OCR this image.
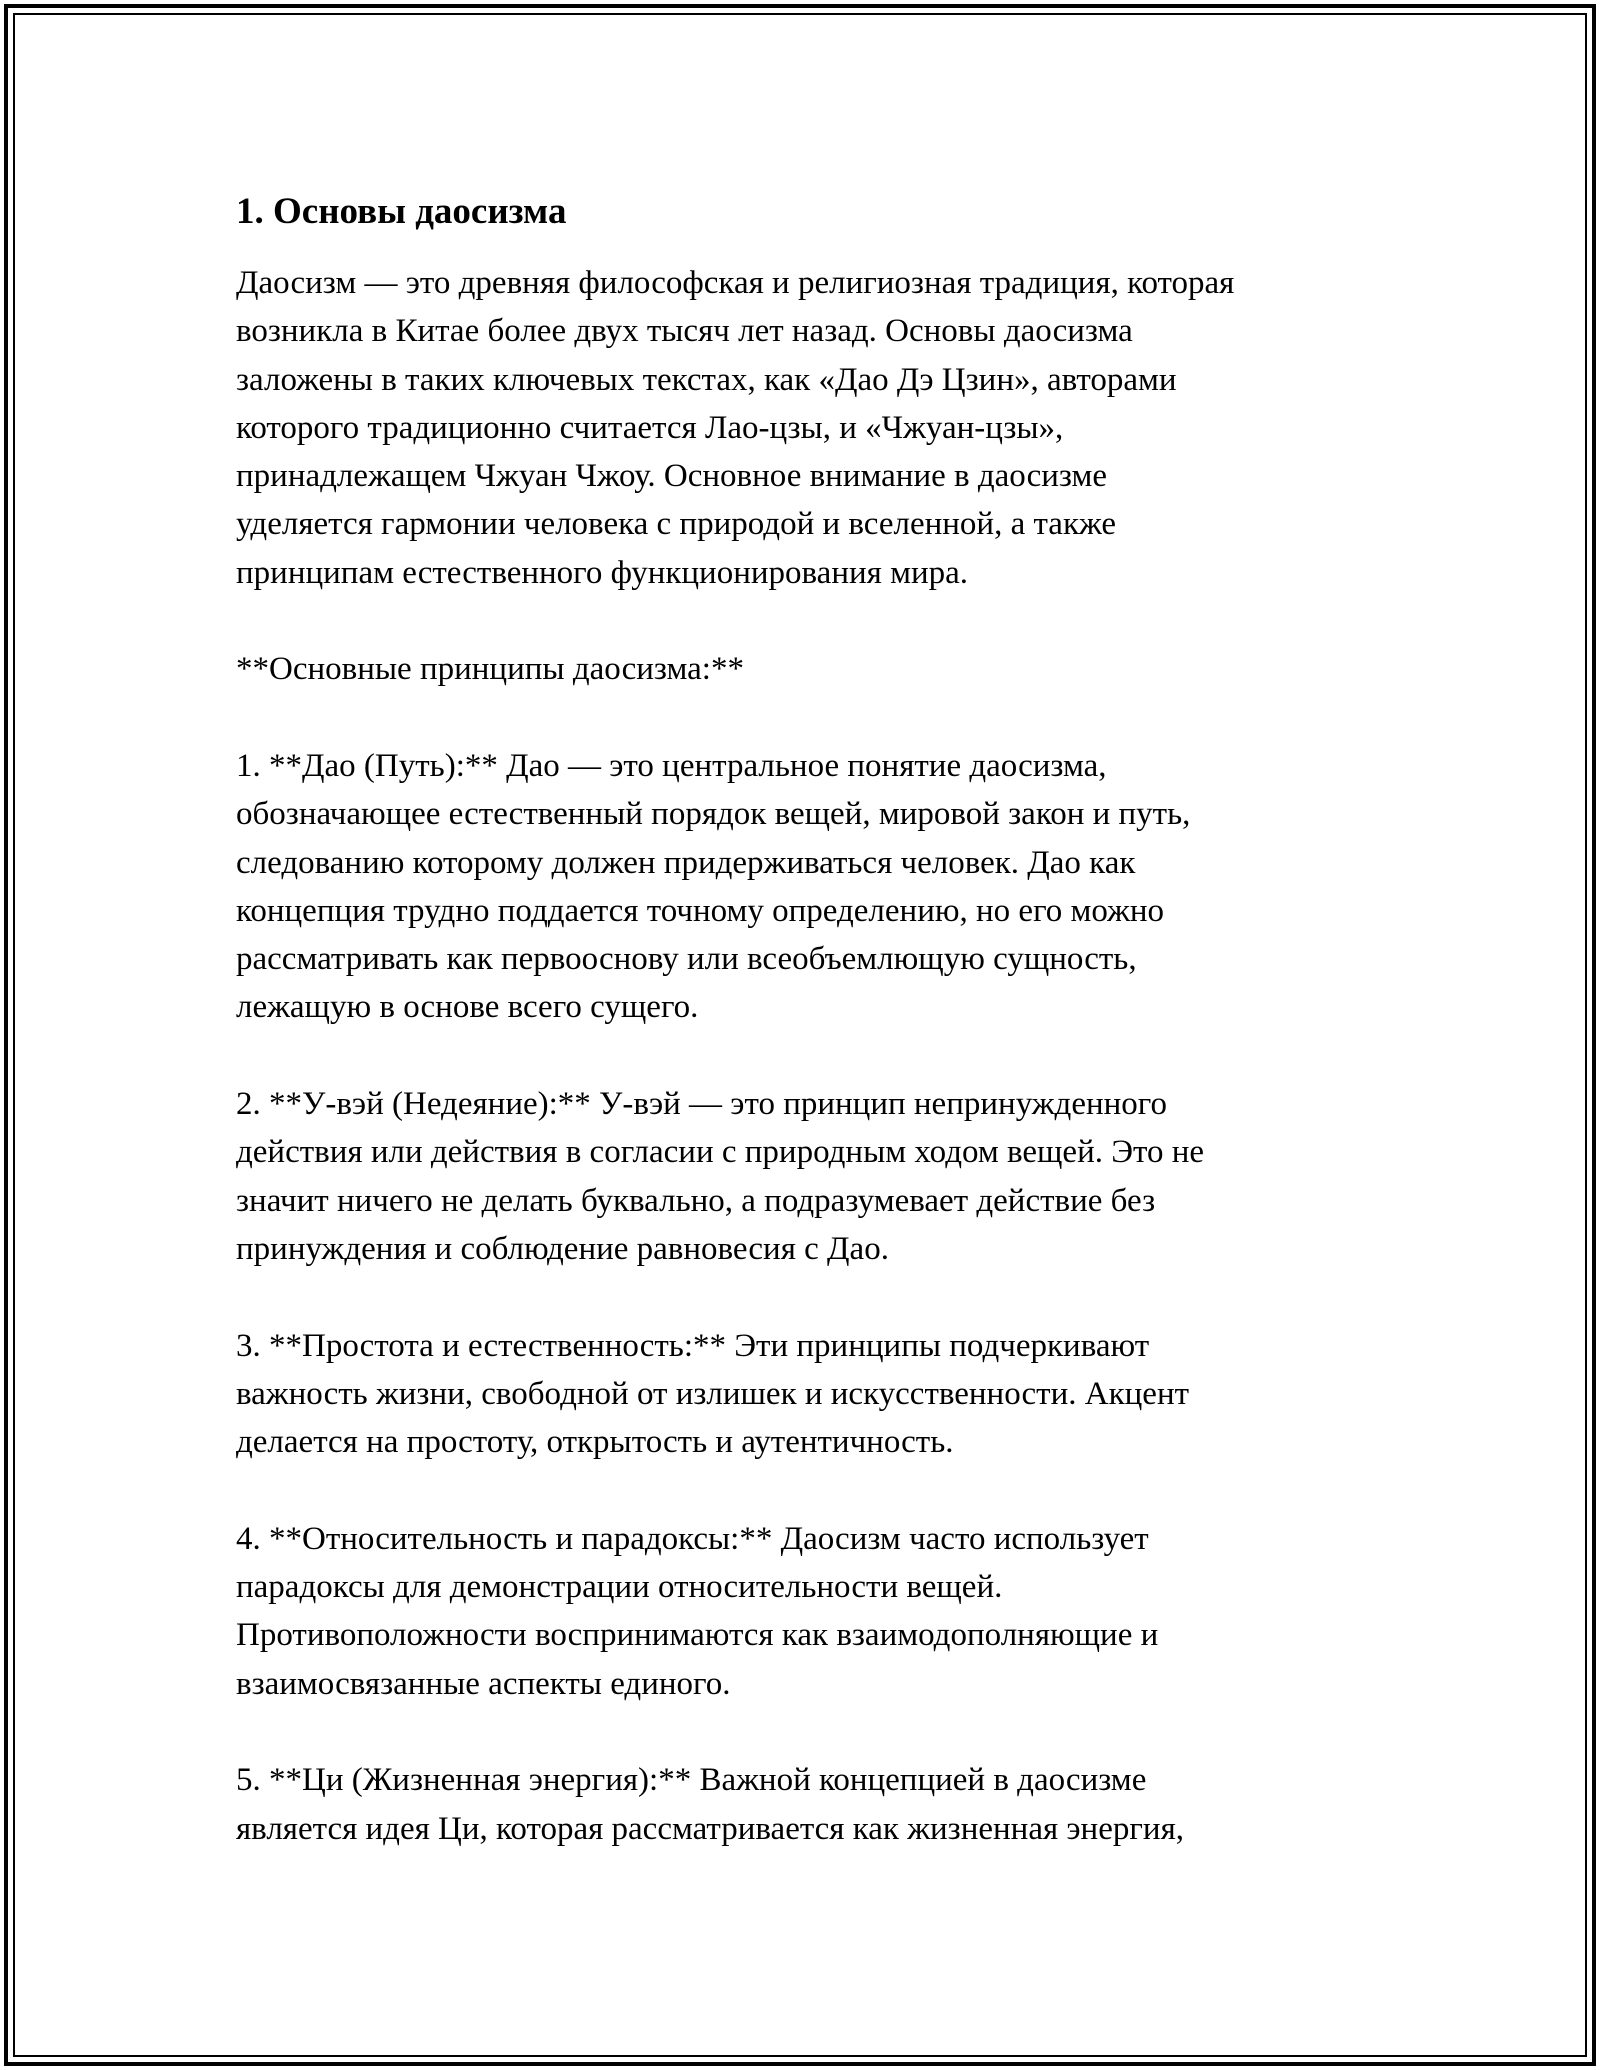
1. Основы даосизма

Даосизм — это древняя философская и религиозная традиция, которая
возникла в Китае более двух тысяч лет назад. Основы даосизма
заложены в таких ключевых текстах, как «Дао Дэ Цзин», авторами
которого традиционно считается Лао-цзы, и «Чжуан-цзы»,
принадлежащем Чжуан Чжоу. Основное внимание в даосизме
уделяется гармонии человека с природой и вселенной, а также
принципам естественного функционирования мира.

**Основные принципы даосизма:**

1. **Дао (Путь):** Дао — это центральное понятие даосизма,
обозначающее естественный порядок вещей, мировой закон и путь,
следованию которому должен придерживаться человек. Дао как
концепция трудно поддается точному определению, но его можно
рассматривать как первооснову или всеобъемлющую сущность,
лежащую в основе всего сущего.

2. **У-вэй (Недеяние):** У-вэй — это принцип непринужденного
действия или действия в согласии с природным ходом вещей. Это не
значит ничего не делать буквально, а подразумевает действие без
принуждения и соблюдение равновесия с Дао.

3. **Простота и естественность:** Эти принципы подчеркивают
важность жизни, свободной от излишек и искусственности. Акцент
делается на простоту, открытость и аутентичность.

4. **Относительность и парадоксы:** Даосизм часто использует
парадоксы для демонстрации относительности вещей.
Противоположности воспринимаются как взаимодополняющие и
взаимосвязанные аспекты единого.

5. **Ци (Жизненная энергия):** Важной концепцией в даосизме
является идея Ци, которая рассматривается как жизненная энергия,
